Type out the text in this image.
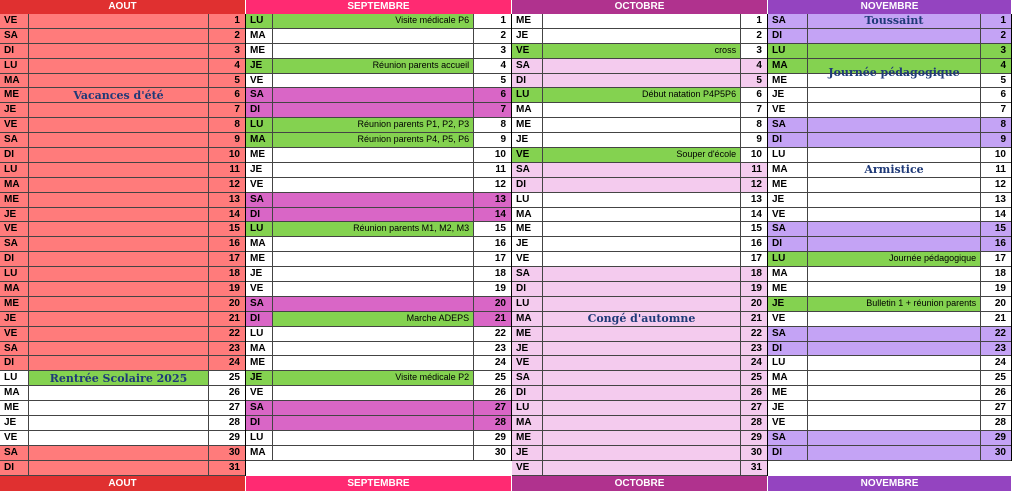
AOUT
VE	1
SA	2
DI	3
LU	4
MA	5
ME	6
JE	7
VE	8
SA	9
DI	10
LU	11
MA	12
ME	13
JE	14
VE	15
SA	16
DI	17
LU	18
MA	19
ME	20
JE	21
VE	22
SA	23
DI	24
LU	25
MA	26
ME	27
JE	28
VE	29
SA	30
DI	31
Vacances d'été
Rentrée Scolaire 2025
AOUT
SEPTEMBRE
LU	Visite médicale P6	1
MA	2
ME	3
JE	Réunion parents accueil	4
VE	5
SA	6
DI	7
LU	Réunion parents P1, P2, P3	8
MA	Réunion parents P4, P5, P6	9
ME	10
JE	11
VE	12
SA	13
DI	14
LU	Réunion parents M1, M2, M3	15
MA	16
ME	17
JE	18
VE	19
SA	20
DI	Marche ADEPS	21
LU	22
MA	23
ME	24
JE	Visite médicale P2	25
VE	26
SA	27
DI	28
LU	29
MA	30
SEPTEMBRE
OCTOBRE
ME	1
JE	2
VE	cross	3
SA	4
DI	5
LU	Début natation P4P5P6	6
MA	7
ME	8
JE	9
VE	Souper d'école	10
SA	11
DI	12
LU	13
MA	14
ME	15
JE	16
VE	17
SA	18
DI	19
LU	20
MA	21
ME	22
JE	23
VE	24
SA	25
DI	26
LU	27
MA	28
ME	29
JE	30
VE	31
Congé d'automne
OCTOBRE
NOVEMBRE
SA	1
DI	2
LU	3
MA	4
ME	5
JE	6
VE	7
SA	8
DI	9
LU	10
MA	11
ME	12
JE	13
VE	14
SA	15
DI	16
LU	Journée pédagogique	17
MA	18
ME	19
JE	Bulletin 1 + réunion parents	20
VE	21
SA	22
DI	23
LU	24
MA	25
ME	26
JE	27
VE	28
SA	29
DI	30
Toussaint
Journée pédagogique
Armistice
NOVEMBRE
